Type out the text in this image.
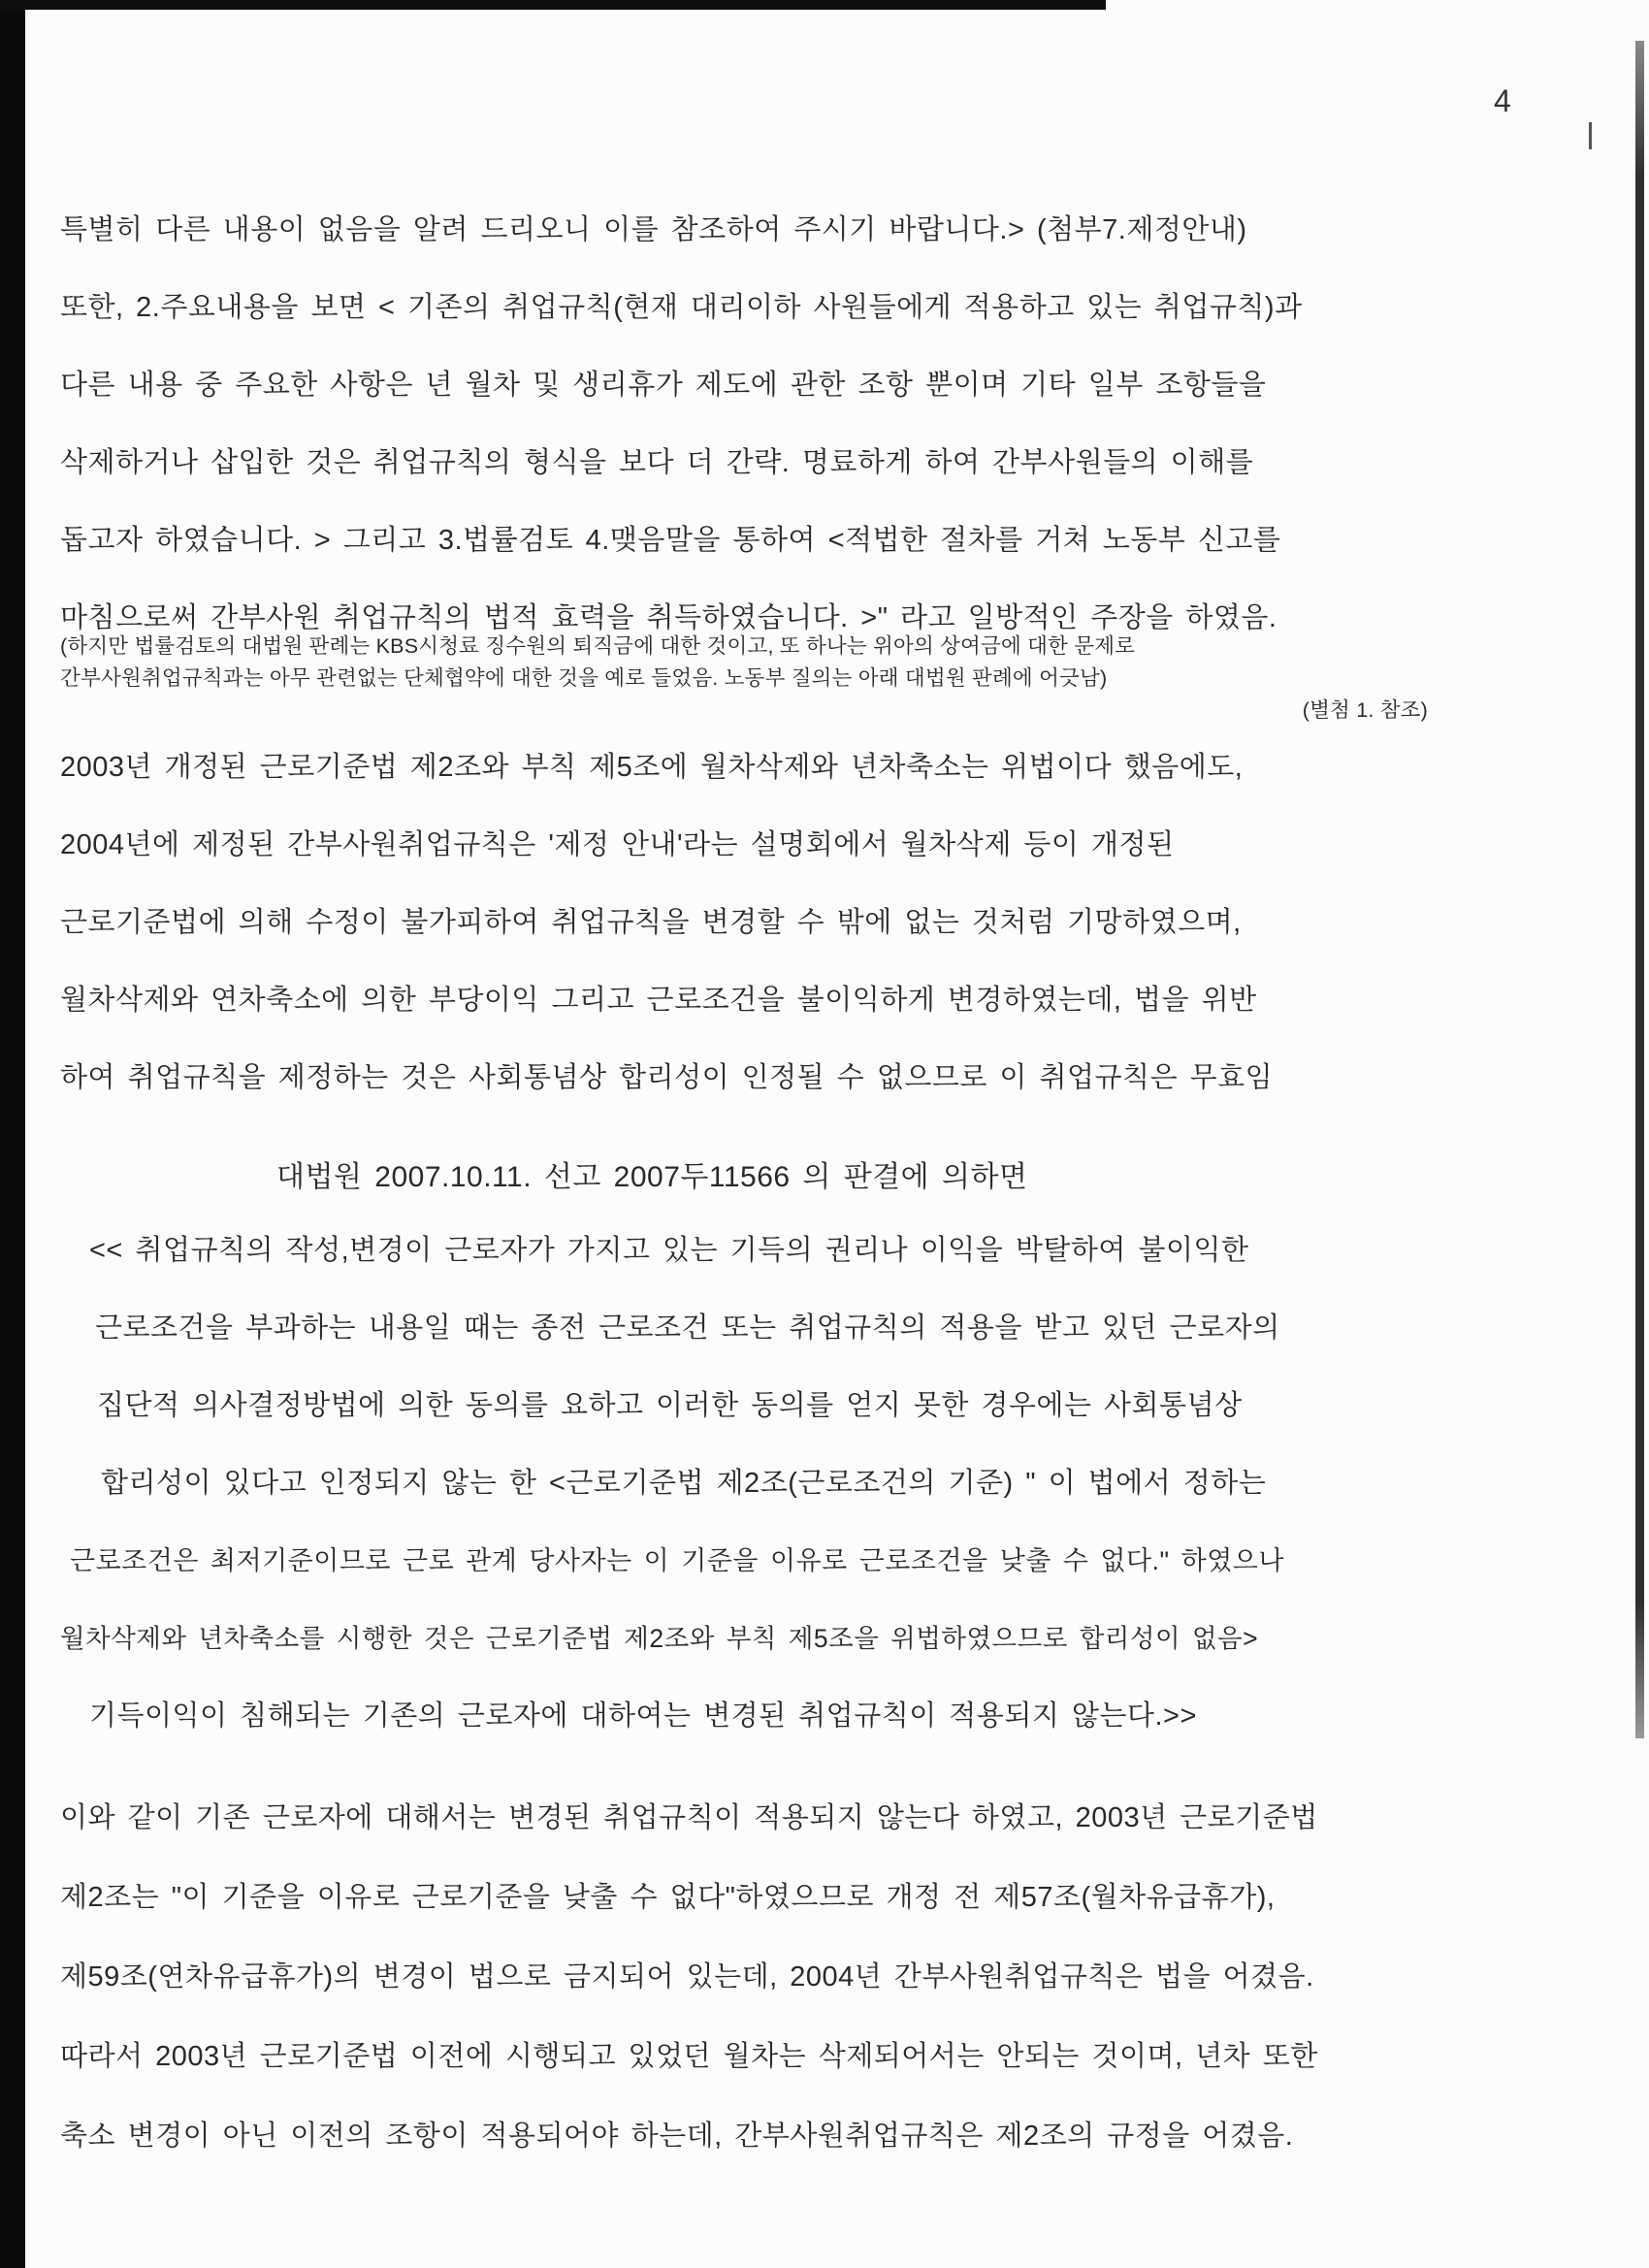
4
특별히 다른 내용이 없음을 알려 드리오니 이를 참조하여 주시기 바랍니다.> (첨부7.제정안내)
또한, 2.주요내용을 보면 < 기존의 취업규칙(현재 대리이하 사원들에게 적용하고 있는 취업규칙)과
다른 내용 중 주요한 사항은 년 월차 및 생리휴가 제도에 관한 조항 뿐이며 기타 일부 조항들을
삭제하거나 삽입한 것은 취업규칙의 형식을 보다 더 간략. 명료하게 하여 간부사원들의 이해를
돕고자 하였습니다. > 그리고 3.법률검토 4.맺음말을 통하여 <적법한 절차를 거쳐 노동부 신고를
마침으로써 간부사원 취업규칙의 법적 효력을 취득하였습니다. >" 라고 일방적인 주장을 하였음.
(하지만 법률검토의 대법원 판례는 KBS시청료 징수원의 퇴직금에 대한 것이고, 또 하나는 위아의 상여금에 대한 문제로
간부사원취업규칙과는 아무 관련없는 단체협약에 대한 것을 예로 들었음. 노동부 질의는 아래 대법원 판례에 어긋남)
(별첨 1. 참조)
2003년 개정된 근로기준법 제2조와 부칙 제5조에 월차삭제와 년차축소는 위법이다 했음에도,
2004년에 제정된 간부사원취업규칙은 '제정 안내'라는 설명회에서 월차삭제 등이 개정된
근로기준법에 의해 수정이 불가피하여 취업규칙을 변경할 수 밖에 없는 것처럼 기망하였으며,
월차삭제와 연차축소에 의한 부당이익 그리고 근로조건을 불이익하게 변경하였는데, 법을 위반
하여 취업규칙을 제정하는 것은 사회통념상 합리성이 인정될 수 없으므로 이 취업규칙은 무효임
대법원 2007.10.11. 선고 2007두11566 의 판결에 의하면
<< 취업규칙의 작성,변경이 근로자가 가지고 있는 기득의 권리나 이익을 박탈하여 불이익한
근로조건을 부과하는 내용일 때는 종전 근로조건 또는 취업규칙의 적용을 받고 있던 근로자의
집단적 의사결정방법에 의한 동의를 요하고 이러한 동의를 얻지 못한 경우에는 사회통념상
합리성이 있다고 인정되지 않는 한 <근로기준법 제2조(근로조건의 기준) " 이 법에서 정하는
근로조건은 최저기준이므로 근로 관계 당사자는 이 기준을 이유로 근로조건을 낮출 수 없다." 하였으나
월차삭제와 년차축소를 시행한 것은 근로기준법 제2조와 부칙 제5조을 위법하였으므로 합리성이 없음>
기득이익이 침해되는 기존의 근로자에 대하여는 변경된 취업규칙이 적용되지 않는다.>>
이와 같이 기존 근로자에 대해서는 변경된 취업규칙이 적용되지 않는다 하였고, 2003년 근로기준법
제2조는 "이 기준을 이유로 근로기준을 낮출 수 없다"하였으므로 개정 전 제57조(월차유급휴가),
제59조(연차유급휴가)의 변경이 법으로 금지되어 있는데, 2004년 간부사원취업규칙은 법을 어겼음.
따라서 2003년 근로기준법 이전에 시행되고 있었던 월차는 삭제되어서는 안되는 것이며, 년차 또한
축소 변경이 아닌 이전의 조항이 적용되어야 하는데, 간부사원취업규칙은 제2조의 규정을 어겼음.
